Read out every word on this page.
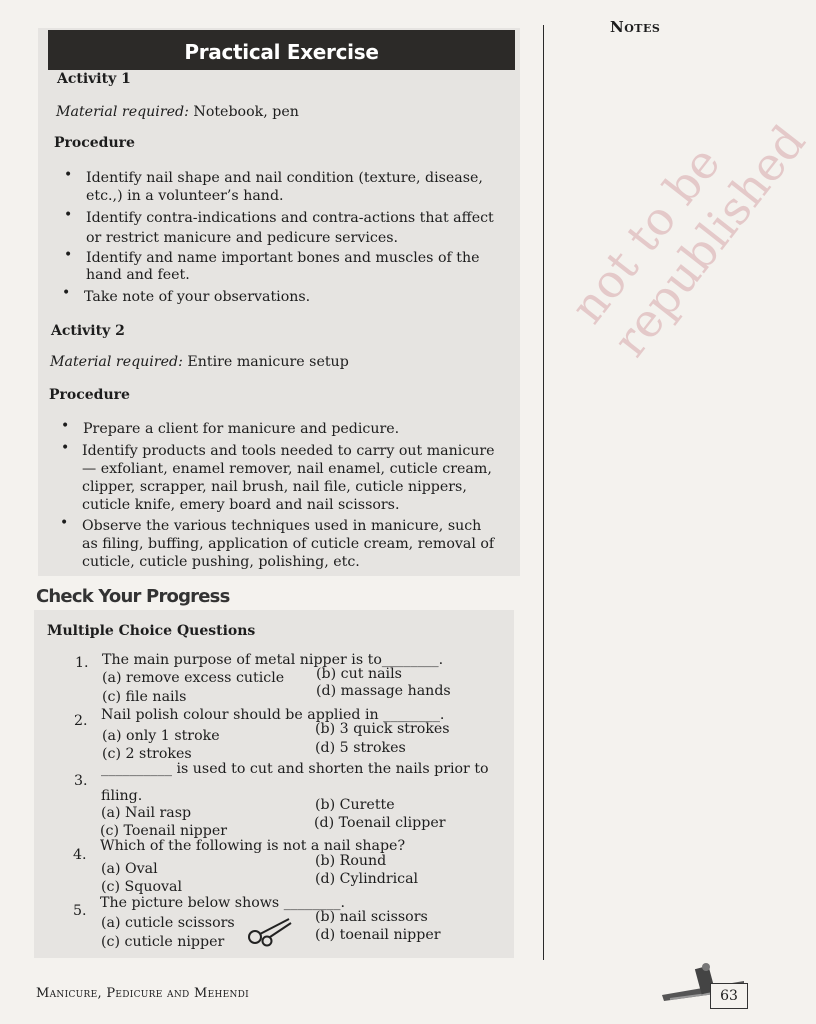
not to be republished
Notes
Practical Exercise
Activity 1
Material required: Notebook, pen
Procedure
• Identify nail shape and nail condition (texture, disease,
etc.,) in a volunteer’s hand.
• Identify contra-indications and contra-actions that affect
or restrict manicure and pedicure services.
• Identify and name important bones and muscles of the
hand and feet.
• Take note of your observations.
Activity 2
Material required: Entire manicure setup
Procedure
• Prepare a client for manicure and pedicure.
• Identify products and tools needed to carry out manicure
— exfoliant, enamel remover, nail enamel, cuticle cream,
clipper, scrapper, nail brush, nail file, cuticle nippers,
cuticle knife, emery board and nail scissors.
• Observe the various techniques used in manicure, such
as filing, buffing, application of cuticle cream, removal of
cuticle, cuticle pushing, polishing, etc.
Check Your Progress
Multiple Choice Questions
1. The main purpose of metal nipper is to________.
(a) remove excess cuticle (b) cut nails
(c) file nails	(d) massage hands
2. Nail polish colour should be applied in ________.
(a) only 1 stroke	(b) 3 quick strokes
(c) 2 strokes	(d) 5 strokes
3.
__________ is used to cut and shorten the nails prior to
filing.
(a) Nail rasp	(b) Curette
(c) Toenail nipper	(d) Toenail clipper
4.
Which of the following is not a nail shape?
(a) Oval	(b) Round
(c) Squoval	(d) Cylindrical
5. The picture below shows ________.
(a) cuticle scissors	(b) nail scissors
(c) cuticle nipper	(d) toenail nipper
Manicure, Pedicure and Mehendi	63
